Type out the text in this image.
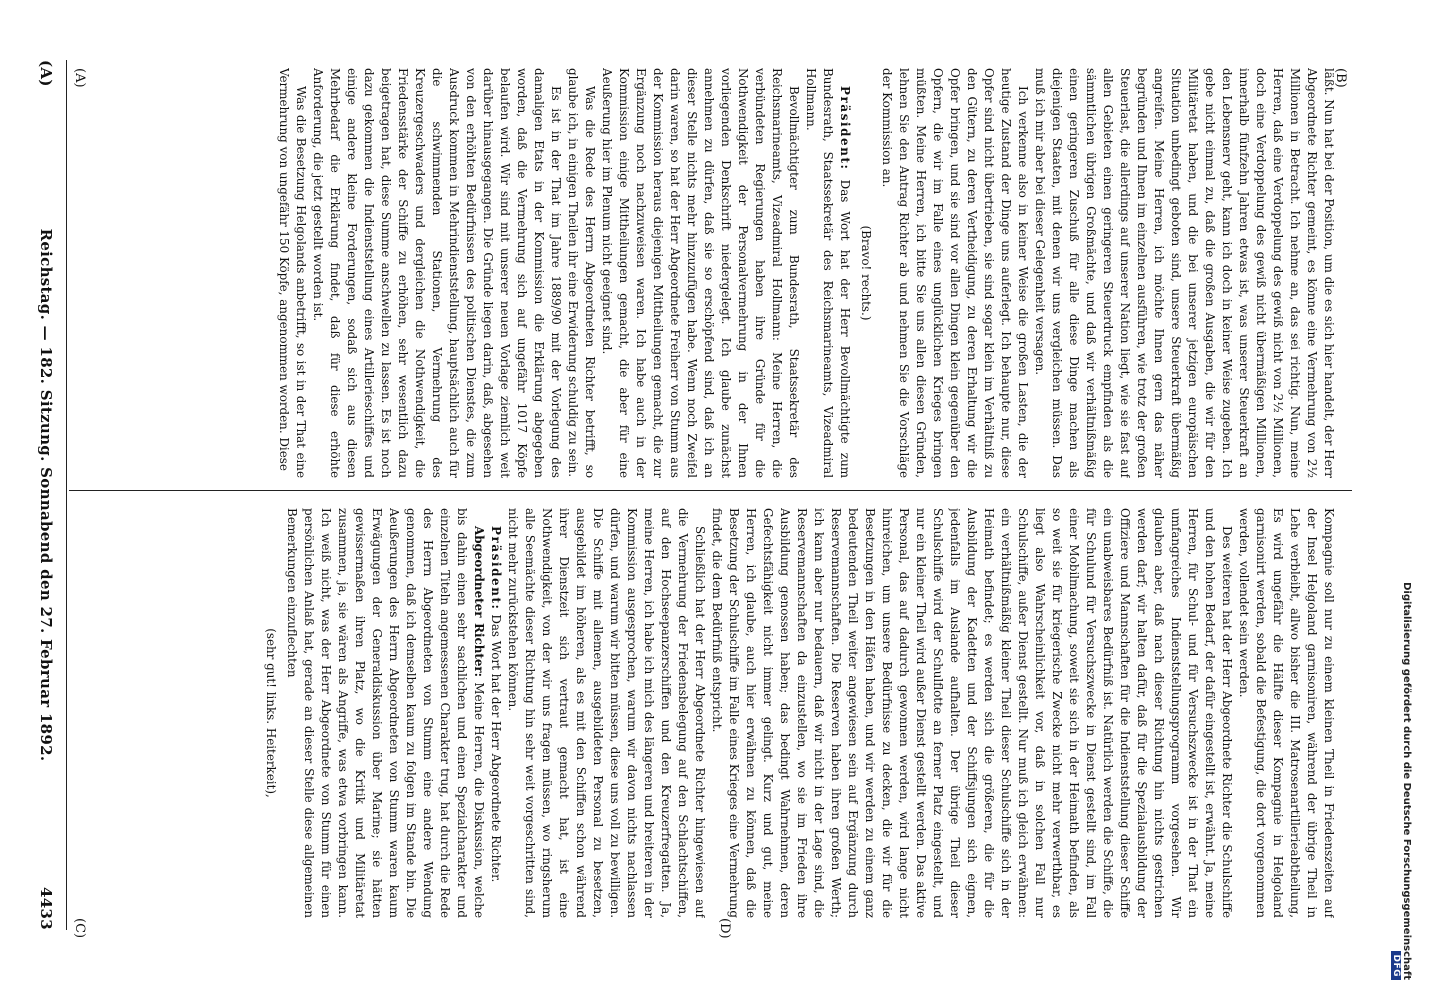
(A)
Reichstag. — 182. Sitzung. Sonnabend den 27. Februar 1892.
4433
(A)	(B)
(C)	(D)

läßt. Nun hat bei der Position, um die es sich hier handelt, der Herr Abgeordnete Richter gemeint, es könne eine Vermehrung von 2½ Millionen in Betracht. Ich nehme an, das sei richtig. Nun, meine Herren, daß eine Verdoppelung des gewiß nicht von 2½ Millionen, doch eine Verdoppelung des gewiß nicht übermäßigen Millionen, innerhalb fünfzehn Jahren etwas ist, was unserer Steuerkraft an den Lebensnerv geht, kann ich doch in keiner Weise zugeben. Ich gebe nicht einmal zu, daß die großen Ausgaben, die wir für den Militäretat haben, und die bei unserer jetzigen europäischen Situation unbedingt geboten sind, unsere Steuerkraft übermäßig angreifen. Meine Herren, ich möchte Ihnen gern das näher begründen und Ihnen im einzelnen ausführen, wie trotz der großen Steuerlast, die allerdings auf unserer Nation liegt, wie sie fast auf allen Gebieten einen geringeren Steuerdruck empfinden als die sämmtlichen übrigen Großmächte, und daß wir verhältnißmäßig einen geringeren Zuschuß für alle diese Dinge machen als diejenigen Staaten, mit denen wir uns vergleichen müssen. Das muß ich mir aber bei dieser Gelegenheit versagen.

Ich verkenne also in keiner Weise die großen Lasten, die der heutige Zustand der Dinge uns auferlegt. Ich behaupte nur, diese Opfer sind nicht übertrieben, sie sind sogar klein im Verhältniß zu den Gütern, zu deren Vertheidigung, zu deren Erhaltung wir die Opfer bringen, und sie sind vor allen Dingen klein gegenüber den Opfern, die wir im Falle eines unglücklichen Krieges bringen müßten. Meine Herren, ich bitte Sie uns allen diesen Gründen, lehnen Sie den Antrag Richter ab und nehmen Sie die Vorschläge der Kommission an.

(Bravo! rechts.)

Präsident: Das Wort hat der Herr Bevollmächtigte zum Bundesrath, Staatssekretär des Reichsmarineamts, Vizeadmiral Hollmann.

Bevollmächtigter zum Bundesrath, Staatssekretär des Reichsmarineamts, Vizeadmiral Hollmann: Meine Herren, die verbündeten Regierungen haben ihre Gründe für die Nothwendigkeit der Personalvermehrung in der Ihnen vorliegenden Denkschrift niedergelegt. Ich glaube zunächst annehmen zu dürfen, daß sie so erschöpfend sind, daß ich an dieser Stelle nichts mehr hinzuzufügen habe. Wenn noch Zweifel darin waren, so hat der Herr Abgeordnete Freiherr von Stumm aus der Kommission heraus diejenigen Mittheilungen gemacht, die zur Ergänzung noch nachzuweisen waren. Ich habe auch in der Kommission einige Mittheilungen gemacht, die aber für eine Aeußerung hier im Plenum nicht geeignet sind.

Was die Rede des Herrn Abgeordneten Richter betrifft, so glaube ich, in einigen Theilen ihr eine Erwiderung schuldig zu sein.

Es ist in der That im Jahre 1889/90 mit der Vorlegung des damaligen Etats in der Kommission die Erklärung abgegeben worden, daß die Vermehrung sich auf ungefähr 1017 Köpfe belaufen wird. Wir sind mit unserer neuen Vorlage ziemlich weit darüber hinausgegangen. Die Gründe liegen darin, daß, abgesehen von den erhöhten Bedürfnissen des politischen Dienstes, die zum Ausdruck kommen in Mehrindienststellung, hauptsächlich auch für die schwimmenden Stationen, Vermehrung des Kreuzergeschwaders und dergleichen die Nothwendigkeit, die Friedensstärke der Schiffe zu erhöhen, sehr wesentlich dazu beigetragen hat, diese Summe anschwellen zu lassen. Es ist noch dazu gekommen die Indienststellung eines Artillerieschiffes und einige andere kleine Forderungen, sodaß sich aus diesen Mehrbedarf die Erklärung findet, daß für diese erhöhte Anforderung, die jetzt gestellt worden ist.

Was die Besetzung Helgolands anbetrifft, so ist in der That eine Vermehrung von ungefähr 150 Köpfe, angenommen worden. Diese

Kompagnie soll nur zu einem kleinen Theil in Friedenszeiten auf der Insel Helgoland garnisoniren, während der übrige Theil in Lehe verbleibt, allwo bisher die III. Matrosenartillerieabtheilung, Es wird ungefähr die Hälfte dieser Kompagnie in Helgoland garnisonirt werden, sobald die Befestigung, die dort vorgenommen werden, vollendet sein werden.

Des weiteren hat der Herr Abgeordnete Richter die Schulschiffe und den hohen Bedarf, der dafür eingestellt ist, erwähnt. Ja, meine Herren, für Schul- und für Versuchszwecke ist in der That ein umfangreiches Indienststellungsprogramm vorgesehen. Wir glauben aber, daß nach dieser Richtung hin nichts gestrichen werden darf; wir halten dafür, daß für die Spezialausbildung der Offiziere und Mannschaften für die Indienststellung dieser Schiffe ein unabweisbares Bedürfniß ist. Natürlich werden die Schiffe, die für Schulund für Versuchszwecke in Dienst gestellt sind, im Fall einer Mobilmachung, soweit sie sich in der Heimath befinden, als so weit sie für kriegerische Zwecke nicht mehr verwerthbar, es liegt also Wahrscheinlichkeit vor, daß in solchen Fall nur Schulschiffe, außer Dienst gestellt. Nur muß ich gleich erwähnen: ein verhältnißmäßig kleiner Theil dieser Schulschiffe sich in der Heimath befindet; es werden sich die größeren, die für die Ausbildung der Kadetten und der Schiffsjungen sich eignen, jedenfalls im Auslande aufhalten. Der übrige Theil dieser Schulschiffe wird der Schulflotte an ferner Platz eingestellt, und nur ein kleiner Theil wird außer Dienst gestellt werden. Das aktive Personal, das auf dadurch gewonnen werden, wird lange nicht hinreichen, um unsere Bedürfnisse zu decken, die wir für die Besetzungen in den Häfen haben, und wir werden zu einem ganz bedeutenden Theil weiter angewiesen sein auf Ergänzung durch Reservemannschaften. Die Reserven haben ihren großen Werth; ich kann aber nur bedauern, daß wir nicht in der Lage sind, die Reservemannschaften da einzustellen, wo sie im Frieden ihre Ausbildung genossen haben; das bedingt Wahrnehmen, deren Gefechtsfähigkeit nicht immer gelingt. Kurz und gut, meine Herren, ich glaube, auch hier erwähnen zu können, daß die Besetzung der Schulschiffe im Falle eines Krieges eine Vermehrung findet, die dem Bedürfniß entspricht.

Schließlich hat der Herr Abgeordnete Richter hingewiesen auf die Vermehrung der Friedensbelegung auf den Schlachtschiffen, auf den Hochseepanzerschiffen und den Kreuzerfregatten. Ja, meine Herren, ich habe ich mich des längeren und breiteren in der Kommission ausgesprochen, warum wir davon nichts nachlassen dürfen, und warum wir bitten müssen, diese uns voll zu bewilligen. Die Schiffe mit allemen, ausgebildeten Personal zu besetzen, ausgebildet im höheren, als es mit den Schiffen schon während ihrer Dienstzeit sich vertraut gemacht hat, ist eine Nothwendigkeit, von der wir uns fragen müssen, wo ringsherum alle Seemächte dieser Richtung hin sehr weit vorgeschritten sind, nicht mehr zurückstehen können.

Präsident: Das Wort hat der Herr Abgeordnete Richter.

Abgeordneter Richter: Meine Herren, die Diskussion, welche bis dahin einen sehr sachlichen und einen Spezialcharakter und einzelnen Titeln angemessenen Charakter trug, hat durch die Rede des Herrn Abgeordneten von Stumm eine andere Wendung genommen, daß ich demselben kaum zu folgen im Stande bin. Die Aeußerungen des Herrn Abgeordneten von Stumm waren kaum Erwägungen der Generaldiskussion über Marine; sie hätten gewissermaßen ihren Platz, wo die Kritik und Militäretat zusammen, ja, sie wären als Angriffe, was etwa vorbringen kann. Ich weiß nicht, was der Herr Abgeordnete von Stumm für einen persönlichen Anlaß hat, gerade an dieser Stelle diese allgemeinen Bemerkungen einzuflechten

(sehr gut! links. Heiterkeit),	Digitalisierung gefördert durch die Deutsche Forschungsgemeinschaft DFG
